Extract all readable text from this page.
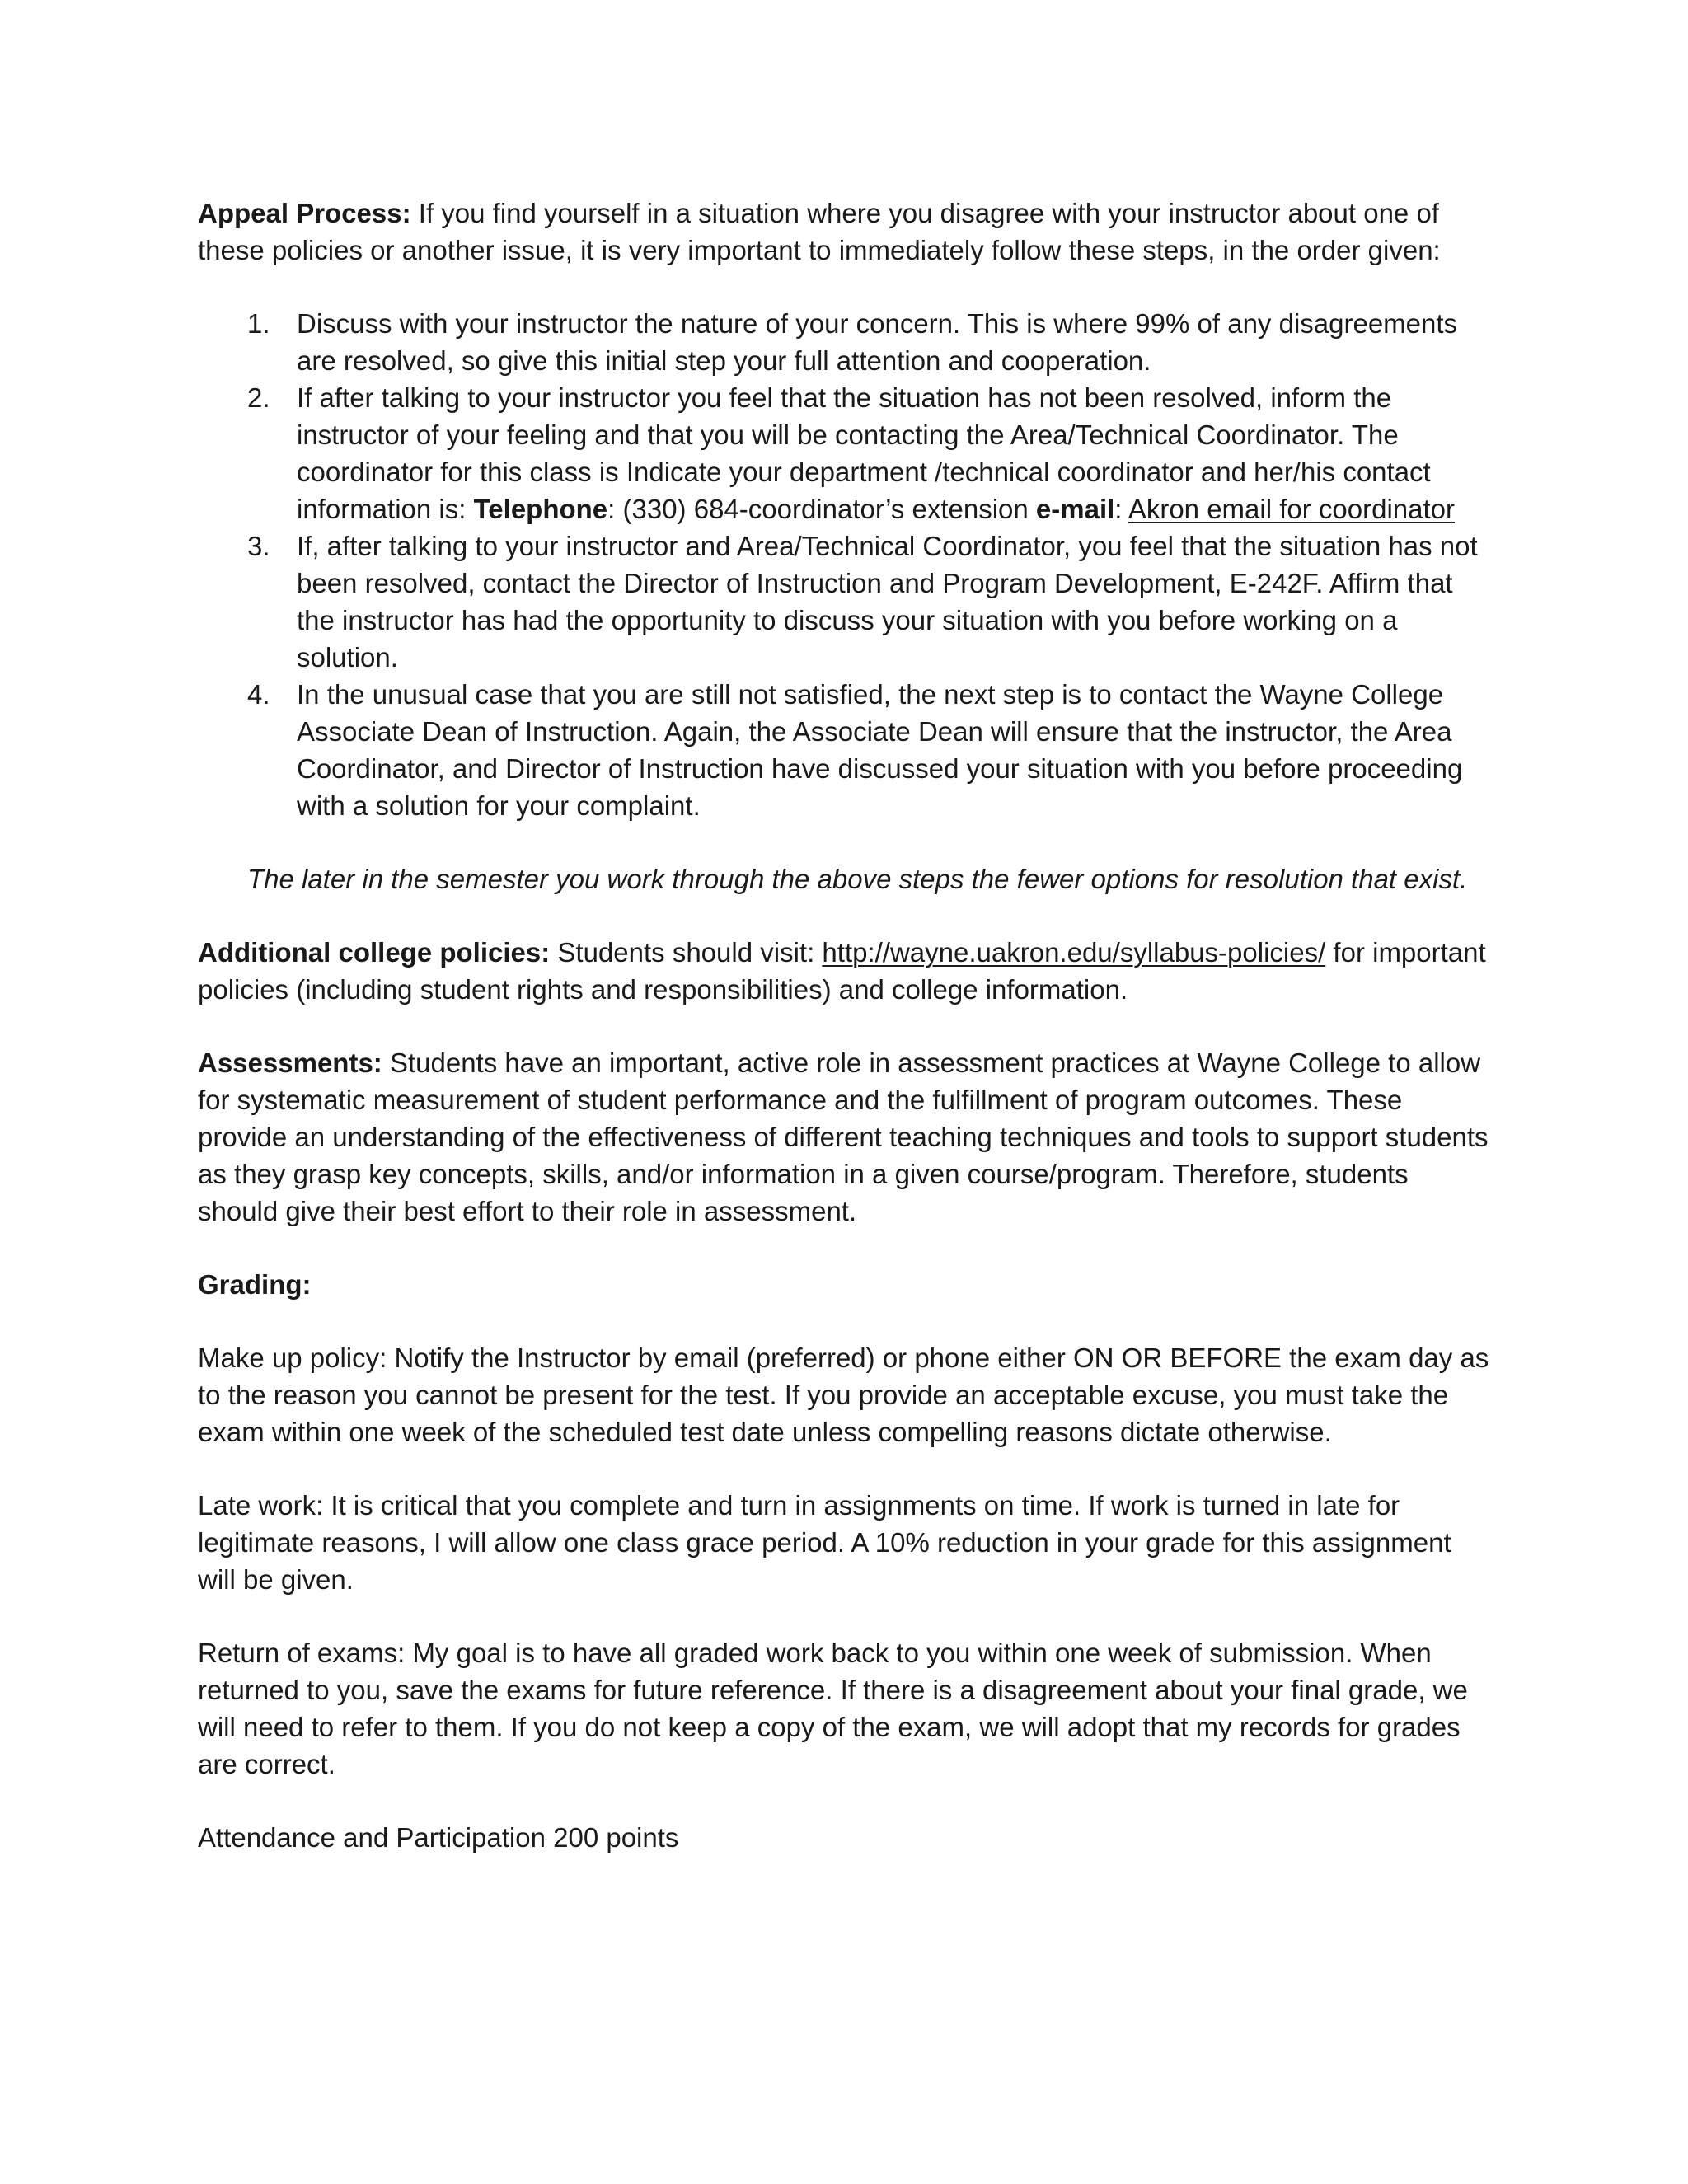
Appeal Process: If you find yourself in a situation where you disagree with your instructor about one of these policies or another issue, it is very important to immediately follow these steps, in the order given:

1. Discuss with your instructor the nature of your concern. This is where 99% of any disagreements are resolved, so give this initial step your full attention and cooperation.
2. If after talking to your instructor you feel that the situation has not been resolved, inform the instructor of your feeling and that you will be contacting the Area/Technical Coordinator. The coordinator for this class is Indicate your department /technical coordinator and her/his contact information is: Telephone: (330) 684-coordinator’s extension e-mail: Akron email for coordinator
3. If, after talking to your instructor and Area/Technical Coordinator, you feel that the situation has not been resolved, contact the Director of Instruction and Program Development, E-242F. Affirm that the instructor has had the opportunity to discuss your situation with you before working on a solution.
4. In the unusual case that you are still not satisfied, the next step is to contact the Wayne College Associate Dean of Instruction. Again, the Associate Dean will ensure that the instructor, the Area Coordinator, and Director of Instruction have discussed your situation with you before proceeding with a solution for your complaint.

The later in the semester you work through the above steps the fewer options for resolution that exist.

Additional college policies: Students should visit: http://wayne.uakron.edu/syllabus-policies/ for important policies (including student rights and responsibilities) and college information.

Assessments: Students have an important, active role in assessment practices at Wayne College to allow for systematic measurement of student performance and the fulfillment of program outcomes. These provide an understanding of the effectiveness of different teaching techniques and tools to support students as they grasp key concepts, skills, and/or information in a given course/program. Therefore, students should give their best effort to their role in assessment.

Grading:

Make up policy: Notify the Instructor by email (preferred) or phone either ON OR BEFORE the exam day as to the reason you cannot be present for the test. If you provide an acceptable excuse, you must take the exam within one week of the scheduled test date unless compelling reasons dictate otherwise.

Late work: It is critical that you complete and turn in assignments on time. If work is turned in late for legitimate reasons, I will allow one class grace period. A 10% reduction in your grade for this assignment will be given.

Return of exams: My goal is to have all graded work back to you within one week of submission. When returned to you, save the exams for future reference. If there is a disagreement about your final grade, we will need to refer to them. If you do not keep a copy of the exam, we will adopt that my records for grades are correct.

Attendance and Participation 200 points
